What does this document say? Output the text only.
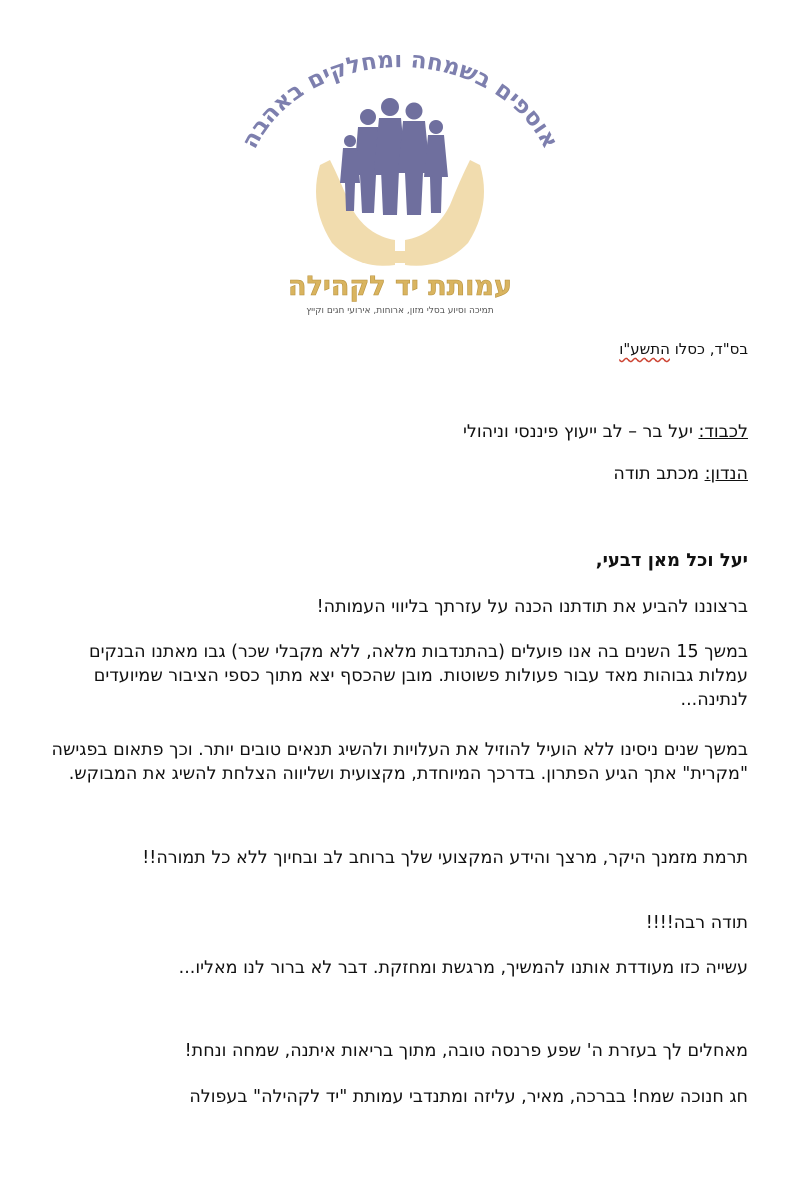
אוספים בשמחה ומחלקים באהבה
עמותת יד לקהילה
תמיכה וסיוע בסלי מזון, ארוחות, אירועי חגים וקייץ
בס"ד, כסלו התשע"ו
לכבוד: יעל בר – לב ייעוץ פיננסי וניהולי
הנדון: מכתב תודה
יעל וכל מאן דבעי,
ברצוננו להביע את תודתנו הכנה על עזרתך בליווי העמותה!
במשך 15 השנים בה אנו פועלים (בהתנדבות מלאה, ללא מקבלי שכר) גבו מאתנו הבנקים עמלות גבוהות מאד עבור פעולות פשוטות. מובן שהכסף יצא מתוך כספי הציבור שמיועדים לנתינה...
במשך שנים ניסינו ללא הועיל להוזיל את העלויות ולהשיג תנאים טובים יותר. וכך פתאום בפגישה "מקרית" אתך הגיע הפתרון. בדרכך המיוחדת, מקצועית ושליווה הצלחת להשיג את המבוקש.
תרמת מזמנך היקר, מרצך והידע המקצועי שלך ברוחב לב ובחיוך ללא כל תמורה!!
תודה רבה!!!!
עשייה כזו מעודדת אותנו להמשיך, מרגשת ומחזקת. דבר לא ברור לנו מאליו...
מאחלים לך בעזרת ה' שפע פרנסה טובה, מתוך בריאות איתנה, שמחה ונחת!
חג חנוכה שמח! בברכה, מאיר, עליזה ומתנדבי עמותת "יד לקהילה" בעפולה
